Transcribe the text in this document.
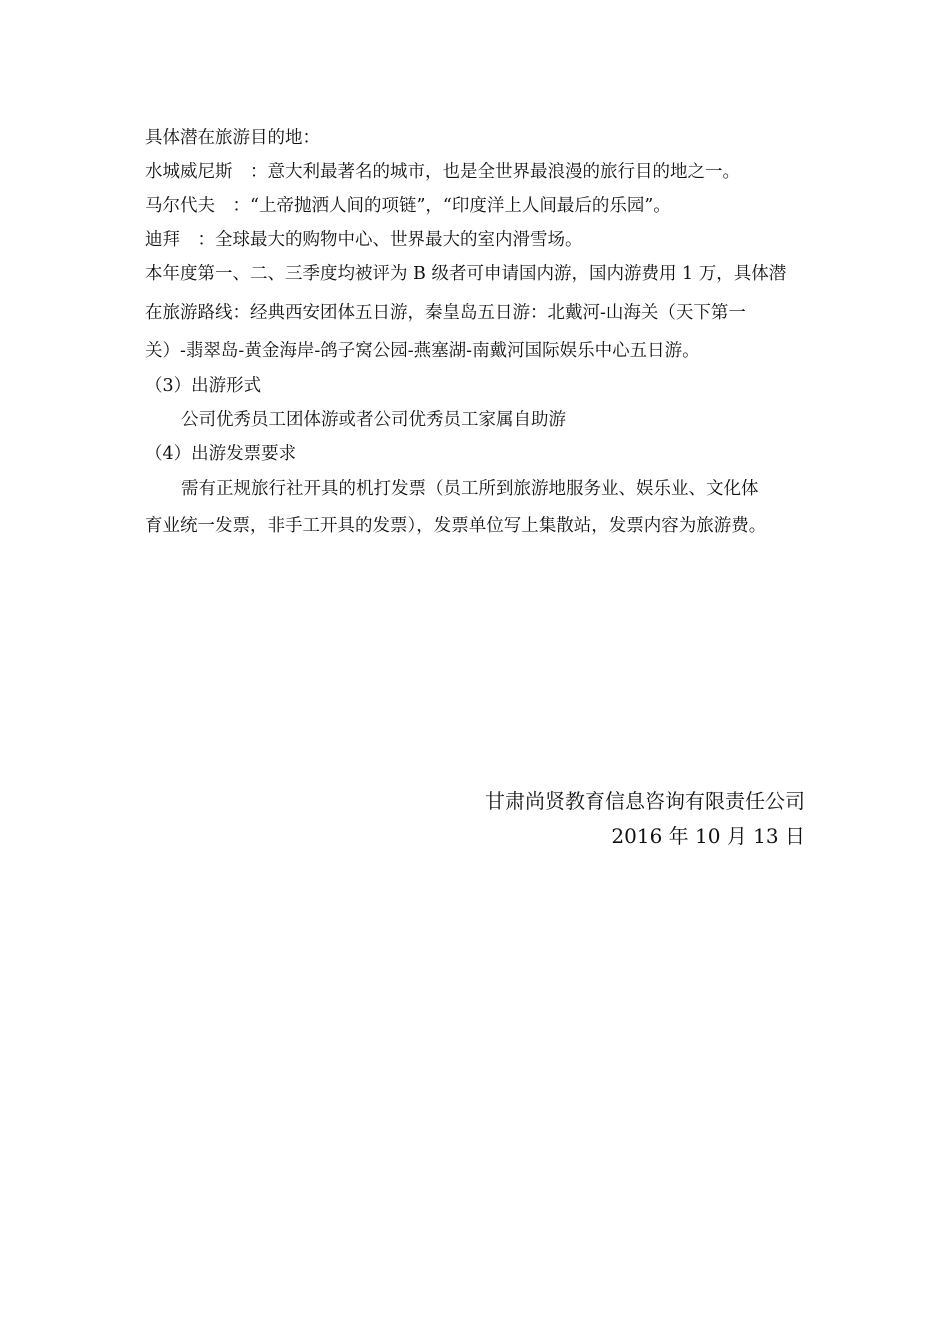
具体潜在旅游目的地：
水城威尼斯　：意大利最著名的城市，也是全世界最浪漫的旅行目的地之一。
马尔代夫　：“上帝抛洒人间的项链”，“印度洋上人间最后的乐园”。
迪拜　：全球最大的购物中心、世界最大的室内滑雪场。
本年度第一、二、三季度均被评为 B 级者可申请国内游，国内游费用 1 万，具体潜
在旅游路线：经典西安团体五日游，秦皇岛五日游：北戴河-山海关（天下第一
关）-翡翠岛-黄金海岸-鸽子窝公园-燕塞湖-南戴河国际娱乐中心五日游。
（3）出游形式
公司优秀员工团体游或者公司优秀员工家属自助游
（4）出游发票要求
需有正规旅行社开具的机打发票（员工所到旅游地服务业、娱乐业、文化体
育业统一发票，非手工开具的发票），发票单位写上集散站，发票内容为旅游费。
甘肃尚贤教育信息咨询有限责任公司
2016 年 10 月 13 日
